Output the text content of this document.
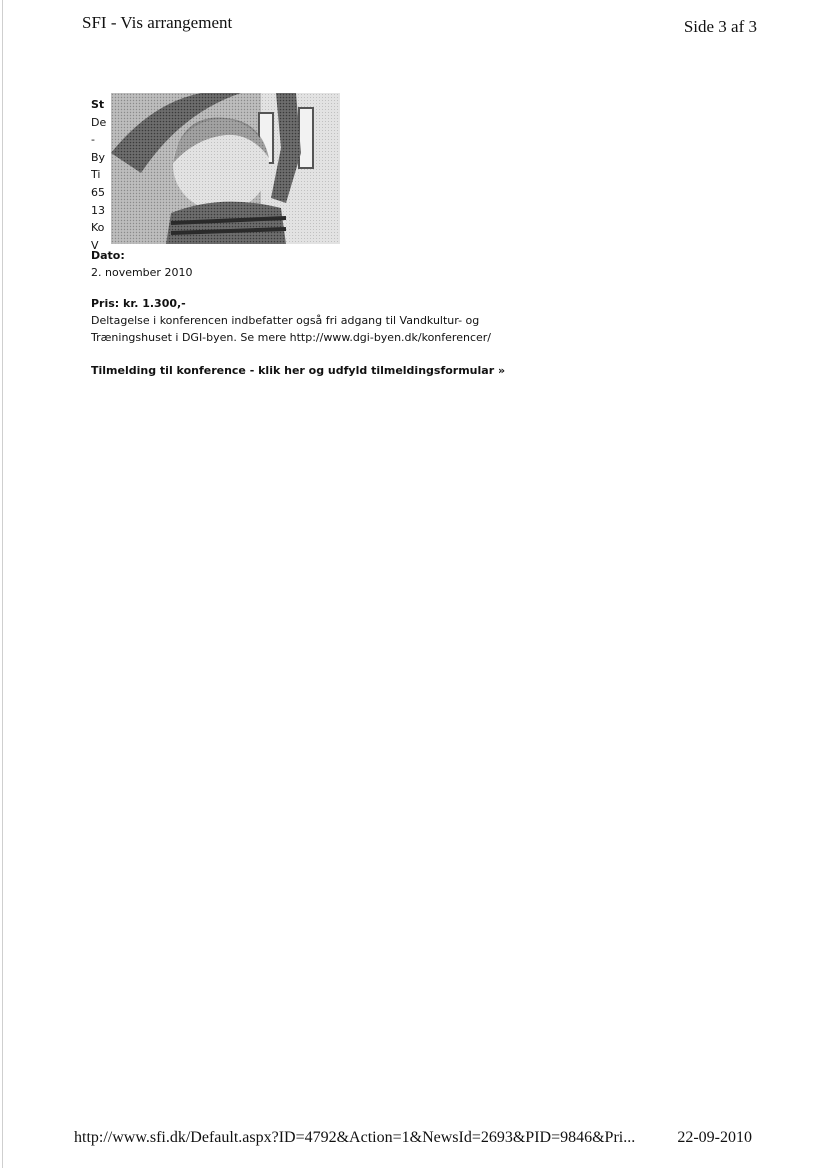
SFI - Vis arrangement	Side 3 af 3
St
De
-
By
Ti
65
13
Ko
V
Dato:
2. november 2010
Pris: kr. 1.300,-
Deltagelse i konferencen indbefatter også fri adgang til Vandkultur- og
Træningshuset i DGI-byen. Se mere http://www.dgi-byen.dk/konferencer/
Tilmelding til konference - klik her og udfyld tilmeldingsformular »
http://www.sfi.dk/Default.aspx?ID=4792&Action=1&NewsId=2693&PID=9846&Pri...	22-09-2010
